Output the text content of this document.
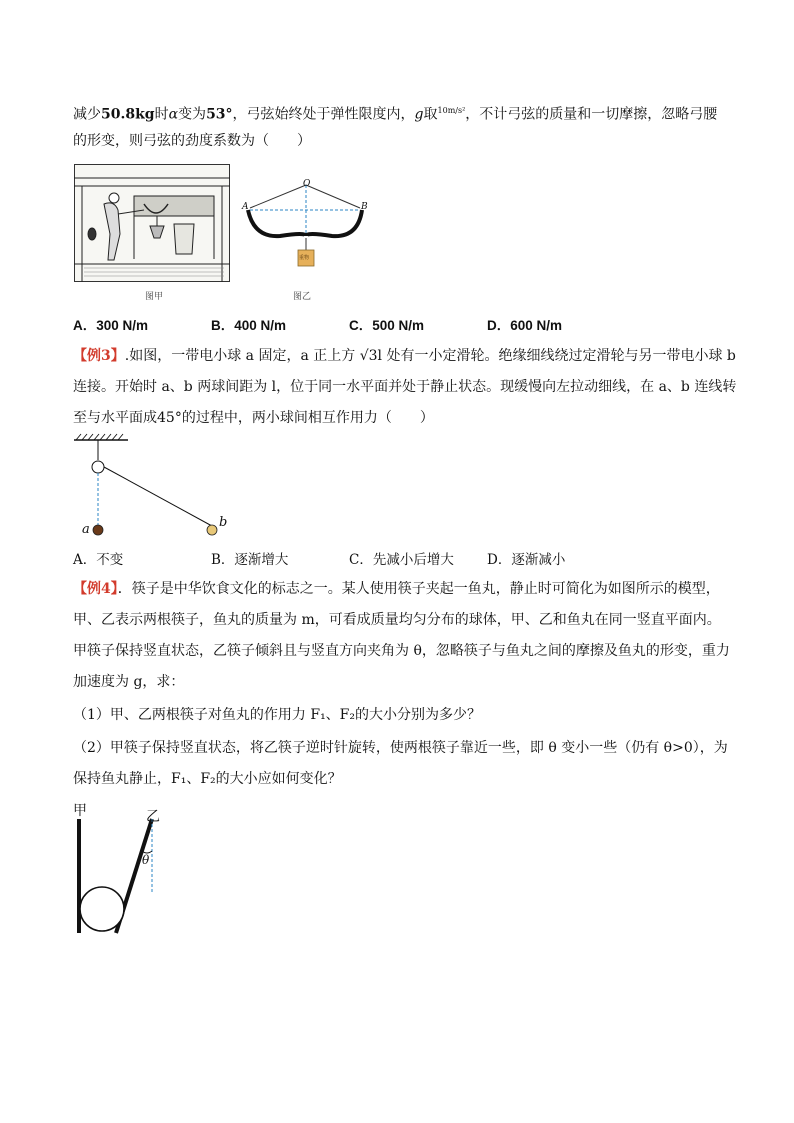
减少50.8kg时α变为53°，弓弦始终处于弹性限度内，g取$^{10m/s^2}$，不计弓弦的质量和一切摩擦，忽略弓腰
的形变，则弓弦的劲度系数为（　　）
图甲
O
A	B
重物
图乙
A．300 N/m	B．400 N/m	C．500 N/m	D．600 N/m
【例3】.如图，一带电小球 a 固定，a 正上方 √3l 处有一小定滑轮。绝缘细线绕过定滑轮与另一带电小球 b
连接。开始时 a、b 两球间距为 l，位于同一水平面并处于静止状态。现缓慢向左拉动细线，在 a、b 连线转
至与水平面成45°的过程中，两小球间相互作用力（　　）
a	b
A．不变	B．逐渐增大	C．先减小后增大 D．逐渐减小
【例4】．筷子是中华饮食文化的标志之一。某人使用筷子夹起一鱼丸，静止时可简化为如图所示的模型，
甲、乙表示两根筷子，鱼丸的质量为 m，可看成质量均匀分布的球体，甲、乙和鱼丸在同一竖直平面内。
甲筷子保持竖直状态，乙筷子倾斜且与竖直方向夹角为 θ，忽略筷子与鱼丸之间的摩擦及鱼丸的形变，重力
加速度为 g，求：
（1）甲、乙两根筷子对鱼丸的作用力 F₁、F₂的大小分别为多少？
（2）甲筷子保持竖直状态，将乙筷子逆时针旋转，使两根筷子靠近一些，即 θ 变小一些（仍有 θ>0），为
保持鱼丸静止，F₁、F₂的大小应如何变化？
甲	乙
θ
